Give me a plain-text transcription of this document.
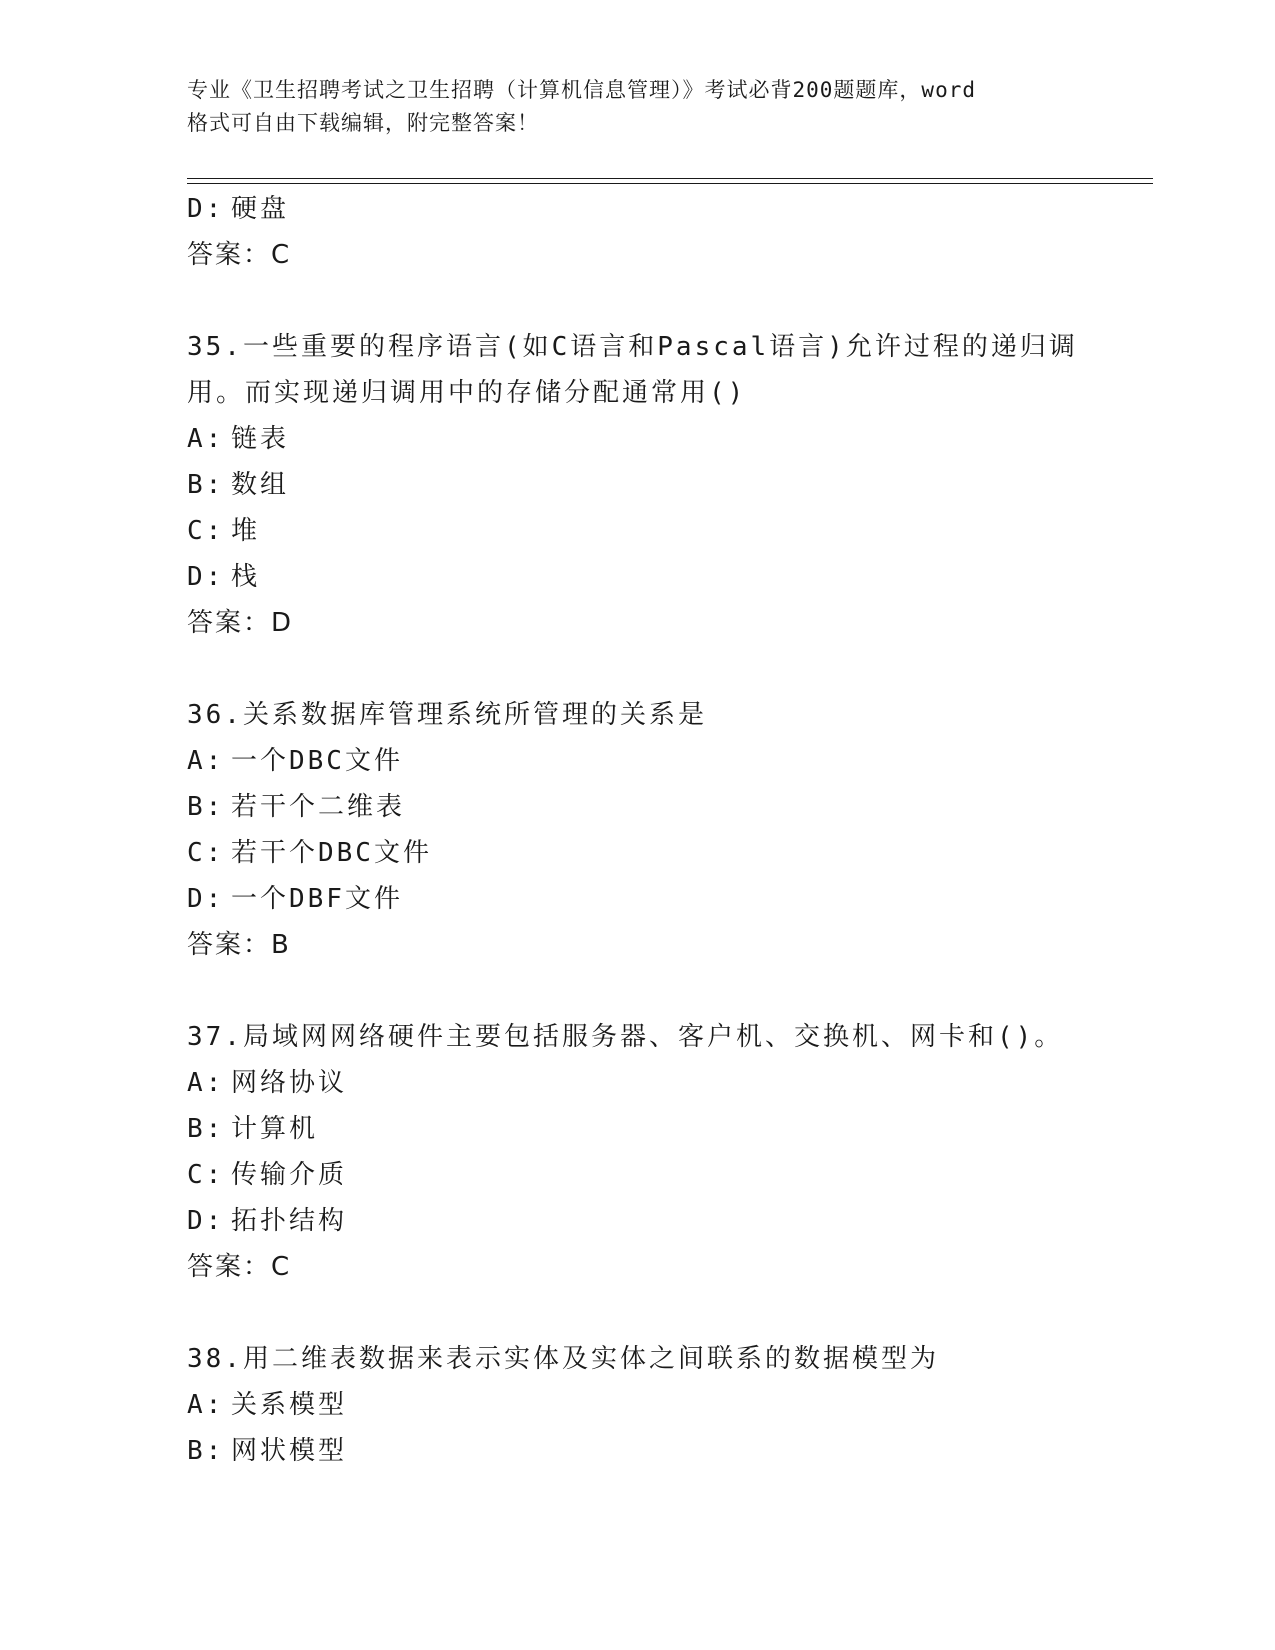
专业《卫生招聘考试之卫生招聘（计算机信息管理）》考试必背200题题库，word
格式可自由下载编辑，附完整答案！
D: 硬盘
答案：C
35.一些重要的程序语言(如C语言和Pascal语言)允许过程的递归调
用。而实现递归调用中的存储分配通常用()
A: 链表
B: 数组
C: 堆
D: 栈
答案：D
36.关系数据库管理系统所管理的关系是
A: 一个DBC文件
B: 若干个二维表
C: 若干个DBC文件
D: 一个DBF文件
答案：B
37.局域网网络硬件主要包括服务器、客户机、交换机、网卡和()。
A: 网络协议
B: 计算机
C: 传输介质
D: 拓扑结构
答案：C
38.用二维表数据来表示实体及实体之间联系的数据模型为
A: 关系模型
B: 网状模型
